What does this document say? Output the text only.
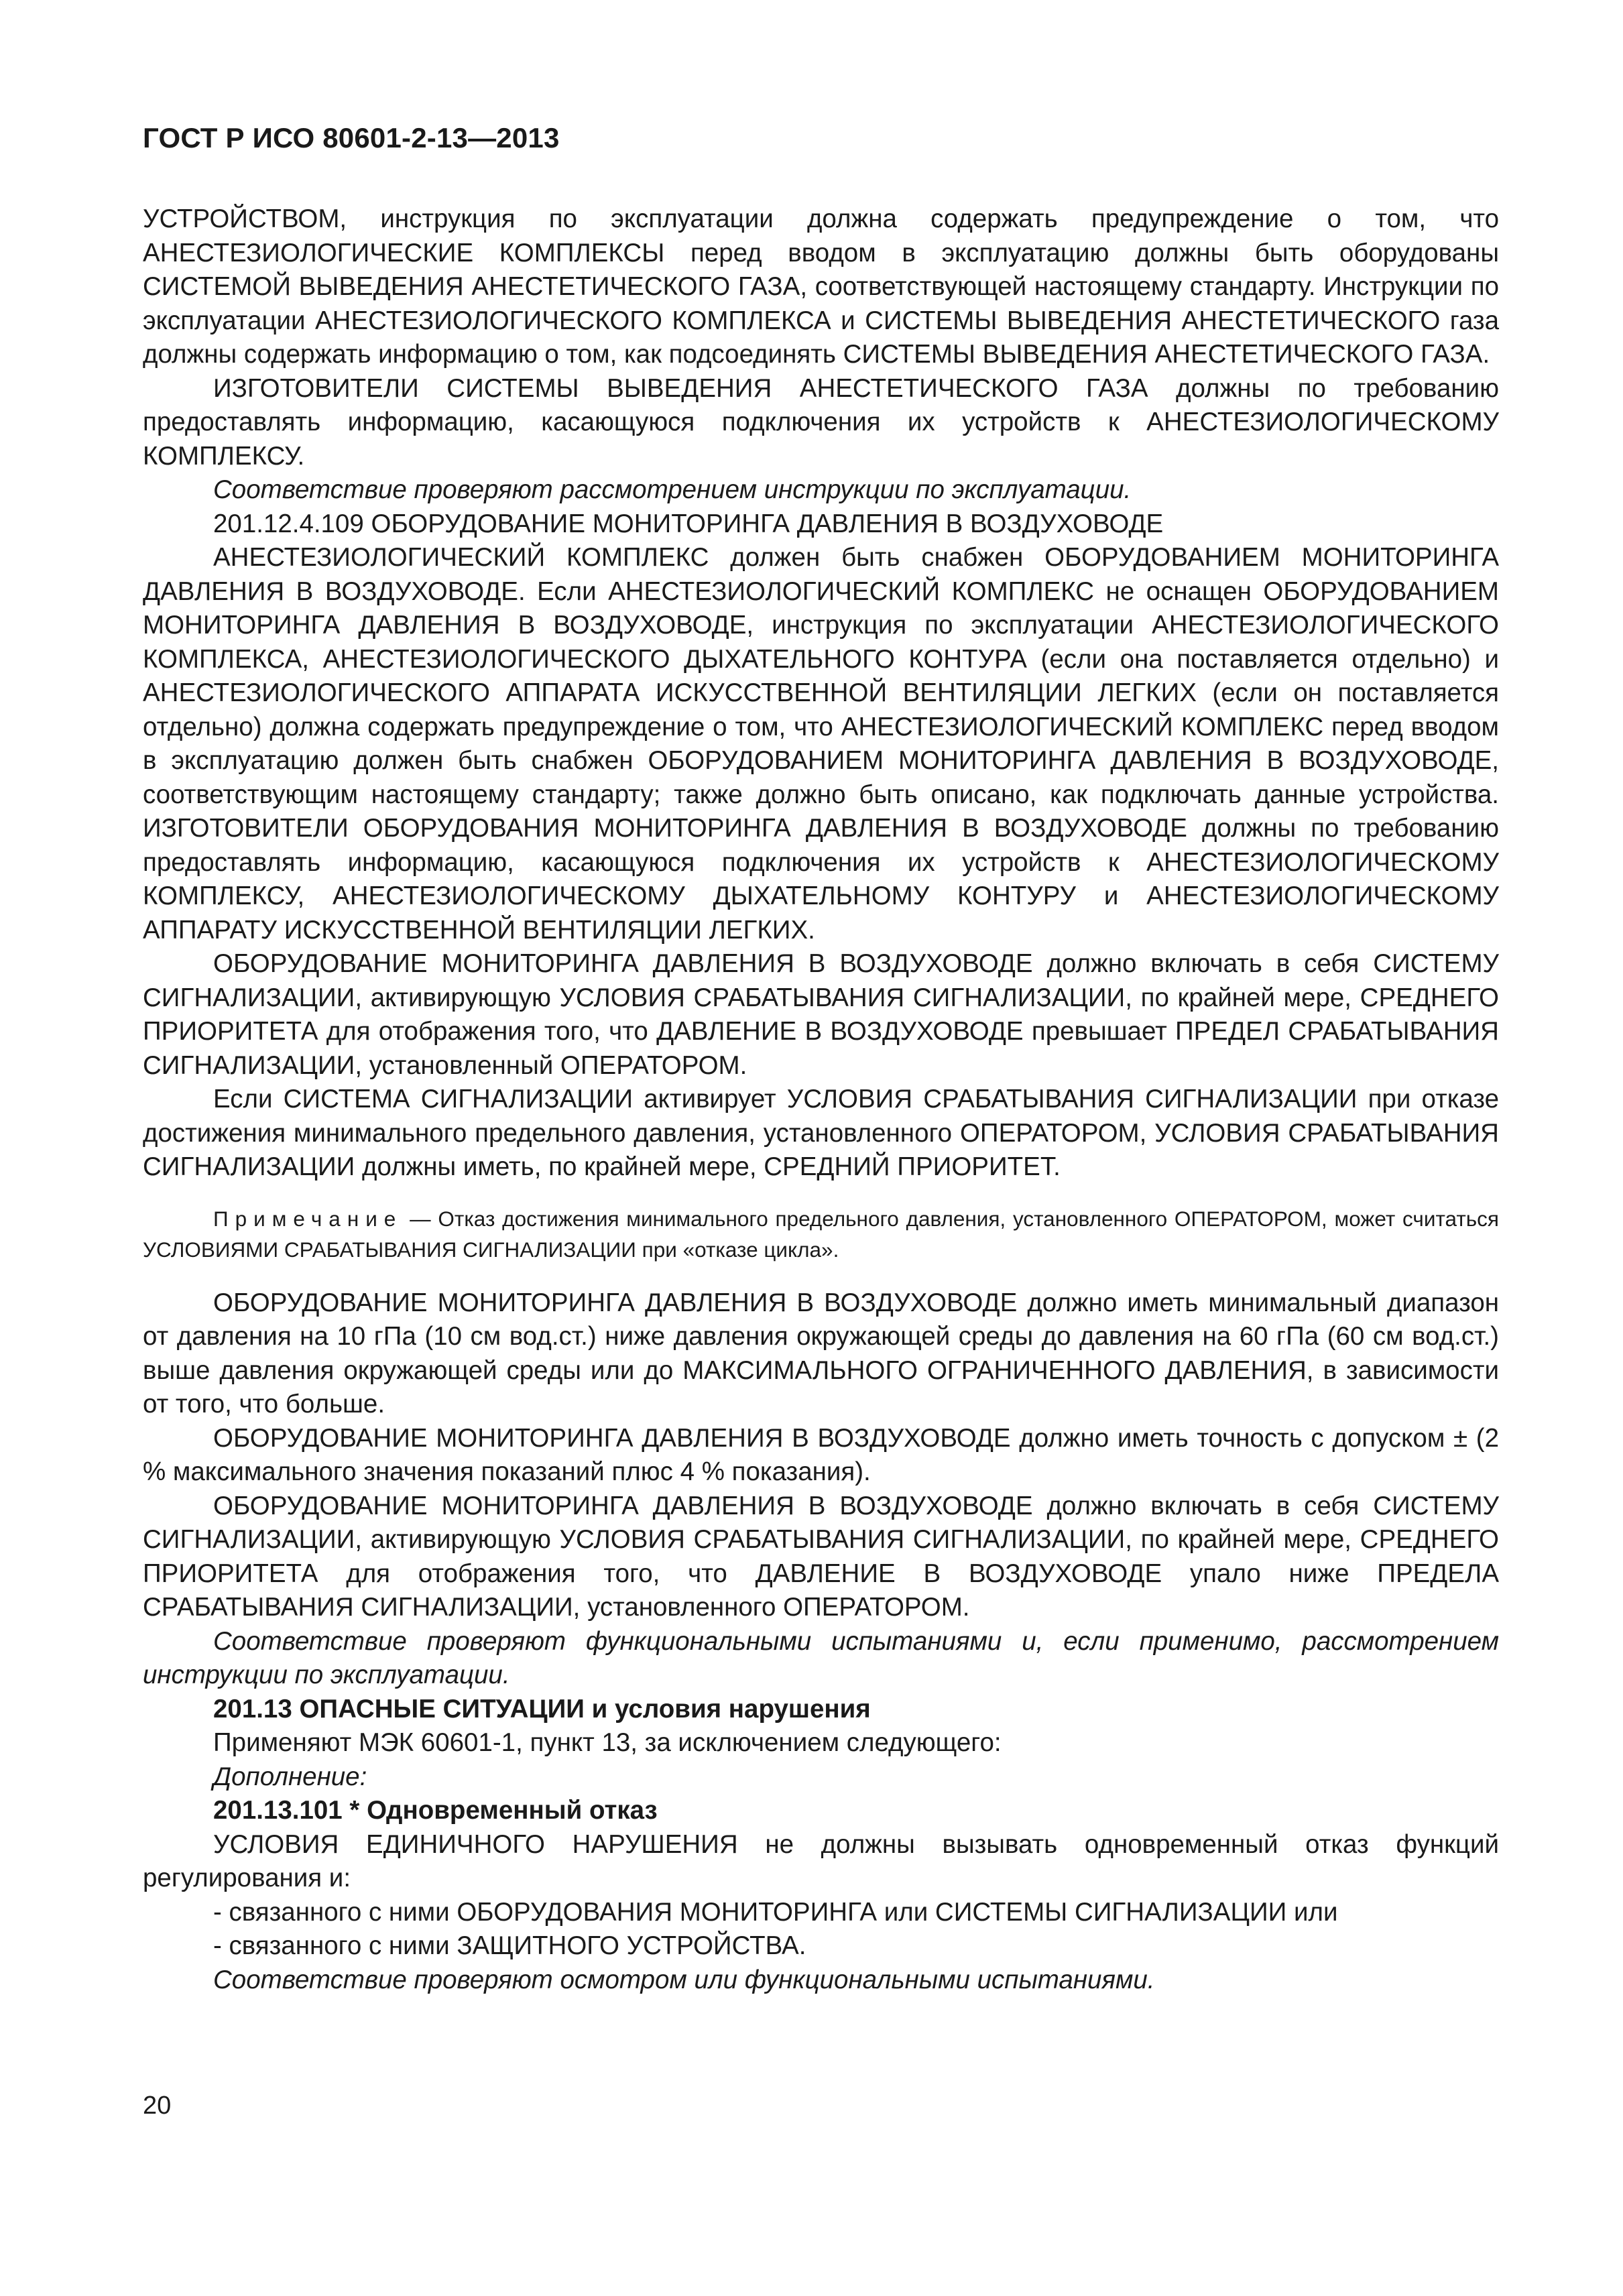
ГОСТ Р ИСО 80601-2-13—2013

УСТРОЙСТВОМ, инструкция по эксплуатации должна содержать предупреждение о том, что АНЕСТЕЗИОЛОГИЧЕСКИЕ КОМПЛЕКСЫ перед вводом в эксплуатацию должны быть оборудованы СИСТЕМОЙ ВЫВЕДЕНИЯ АНЕСТЕТИЧЕСКОГО ГАЗА, соответствующей настоящему стандарту. Инструкции по эксплуатации АНЕСТЕЗИОЛОГИЧЕСКОГО КОМПЛЕКСА и СИСТЕМЫ ВЫВЕДЕНИЯ АНЕСТЕТИЧЕСКОГО газа должны содержать информацию о том, как подсоединять СИСТЕМЫ ВЫВЕДЕНИЯ АНЕСТЕТИЧЕСКОГО ГАЗА.

ИЗГОТОВИТЕЛИ СИСТЕМЫ ВЫВЕДЕНИЯ АНЕСТЕТИЧЕСКОГО ГАЗА должны по требованию предоставлять информацию, касающуюся подключения их устройств к АНЕСТЕЗИОЛОГИЧЕСКОМУ КОМПЛЕКСУ.

Соответствие проверяют рассмотрением инструкции по эксплуатации.

201.12.4.109 ОБОРУДОВАНИЕ МОНИТОРИНГА ДАВЛЕНИЯ В ВОЗДУХОВОДЕ

АНЕСТЕЗИОЛОГИЧЕСКИЙ КОМПЛЕКС должен быть снабжен ОБОРУДОВАНИЕМ МОНИТОРИНГА ДАВЛЕНИЯ В ВОЗДУХОВОДЕ. Если АНЕСТЕЗИОЛОГИЧЕСКИЙ КОМПЛЕКС не оснащен ОБОРУДОВАНИЕМ МОНИТОРИНГА ДАВЛЕНИЯ В ВОЗДУХОВОДЕ, инструкция по эксплуатации АНЕСТЕЗИОЛОГИЧЕСКОГО КОМПЛЕКСА, АНЕСТЕЗИОЛОГИЧЕСКОГО ДЫХАТЕЛЬНОГО КОНТУРА (если она поставляется отдельно) и АНЕСТЕЗИОЛОГИЧЕСКОГО АППАРАТА ИСКУССТВЕННОЙ ВЕНТИЛЯЦИИ ЛЕГКИХ (если он поставляется отдельно) должна содержать предупреждение о том, что АНЕСТЕЗИОЛОГИЧЕСКИЙ КОМПЛЕКС перед вводом в эксплуатацию должен быть снабжен ОБОРУДОВАНИЕМ МОНИТОРИНГА ДАВЛЕНИЯ В ВОЗДУХОВОДЕ, соответствующим настоящему стандарту; также должно быть описано, как подключать данные устройства. ИЗГОТОВИТЕЛИ ОБОРУДОВАНИЯ МОНИТОРИНГА ДАВЛЕНИЯ В ВОЗДУХОВОДЕ должны по требованию предоставлять информацию, касающуюся подключения их устройств к АНЕСТЕЗИОЛОГИЧЕСКОМУ КОМПЛЕКСУ, АНЕСТЕЗИОЛОГИЧЕСКОМУ ДЫХАТЕЛЬНОМУ КОНТУРУ и АНЕСТЕЗИОЛОГИЧЕСКОМУ АППАРАТУ ИСКУССТВЕННОЙ ВЕНТИЛЯЦИИ ЛЕГКИХ.

ОБОРУДОВАНИЕ МОНИТОРИНГА ДАВЛЕНИЯ В ВОЗДУХОВОДЕ должно включать в себя СИСТЕМУ СИГНАЛИЗАЦИИ, активирующую УСЛОВИЯ СРАБАТЫВАНИЯ СИГНАЛИЗАЦИИ, по крайней мере, СРЕДНЕГО ПРИОРИТЕТА для отображения того, что ДАВЛЕНИЕ В ВОЗДУХОВОДЕ превышает ПРЕДЕЛ СРАБАТЫВАНИЯ СИГНАЛИЗАЦИИ, установленный ОПЕРАТОРОМ.

Если СИСТЕМА СИГНАЛИЗАЦИИ активирует УСЛОВИЯ СРАБАТЫВАНИЯ СИГНАЛИЗАЦИИ при отказе достижения минимального предельного давления, установленного ОПЕРАТОРОМ, УСЛОВИЯ СРАБАТЫВАНИЯ СИГНАЛИЗАЦИИ должны иметь, по крайней мере, СРЕДНИЙ ПРИОРИТЕТ.

Примечание — Отказ достижения минимального предельного давления, установленного ОПЕРАТОРОМ, может считаться УСЛОВИЯМИ СРАБАТЫВАНИЯ СИГНАЛИЗАЦИИ при «отказе цикла».

ОБОРУДОВАНИЕ МОНИТОРИНГА ДАВЛЕНИЯ В ВОЗДУХОВОДЕ должно иметь минимальный диапазон от давления на 10 гПа (10 см вод.ст.) ниже давления окружающей среды до давления на 60 гПа (60 см вод.ст.) выше давления окружающей среды или до МАКСИМАЛЬНОГО ОГРАНИЧЕННОГО ДАВЛЕНИЯ, в зависимости от того, что больше.

ОБОРУДОВАНИЕ МОНИТОРИНГА ДАВЛЕНИЯ В ВОЗДУХОВОДЕ должно иметь точность с допуском ± (2 % максимального значения показаний плюс 4 % показания).

ОБОРУДОВАНИЕ МОНИТОРИНГА ДАВЛЕНИЯ В ВОЗДУХОВОДЕ должно включать в себя СИСТЕМУ СИГНАЛИЗАЦИИ, активирующую УСЛОВИЯ СРАБАТЫВАНИЯ СИГНАЛИЗАЦИИ, по крайней мере, СРЕДНЕГО ПРИОРИТЕТА для отображения того, что ДАВЛЕНИЕ В ВОЗДУХОВОДЕ упало ниже ПРЕДЕЛА СРАБАТЫВАНИЯ СИГНАЛИЗАЦИИ, установленного ОПЕРАТОРОМ.

Соответствие проверяют функциональными испытаниями и, если применимо, рассмотрением инструкции по эксплуатации.

201.13 ОПАСНЫЕ СИТУАЦИИ и условия нарушения

Применяют МЭК 60601-1, пункт 13, за исключением следующего:

Дополнение:

201.13.101 * Одновременный отказ

УСЛОВИЯ ЕДИНИЧНОГО НАРУШЕНИЯ не должны вызывать одновременный отказ функций регулирования и:

- связанного с ними ОБОРУДОВАНИЯ МОНИТОРИНГА или СИСТЕМЫ СИГНАЛИЗАЦИИ или

- связанного с ними ЗАЩИТНОГО УСТРОЙСТВА.

Соответствие проверяют осмотром или функциональными испытаниями.

20
